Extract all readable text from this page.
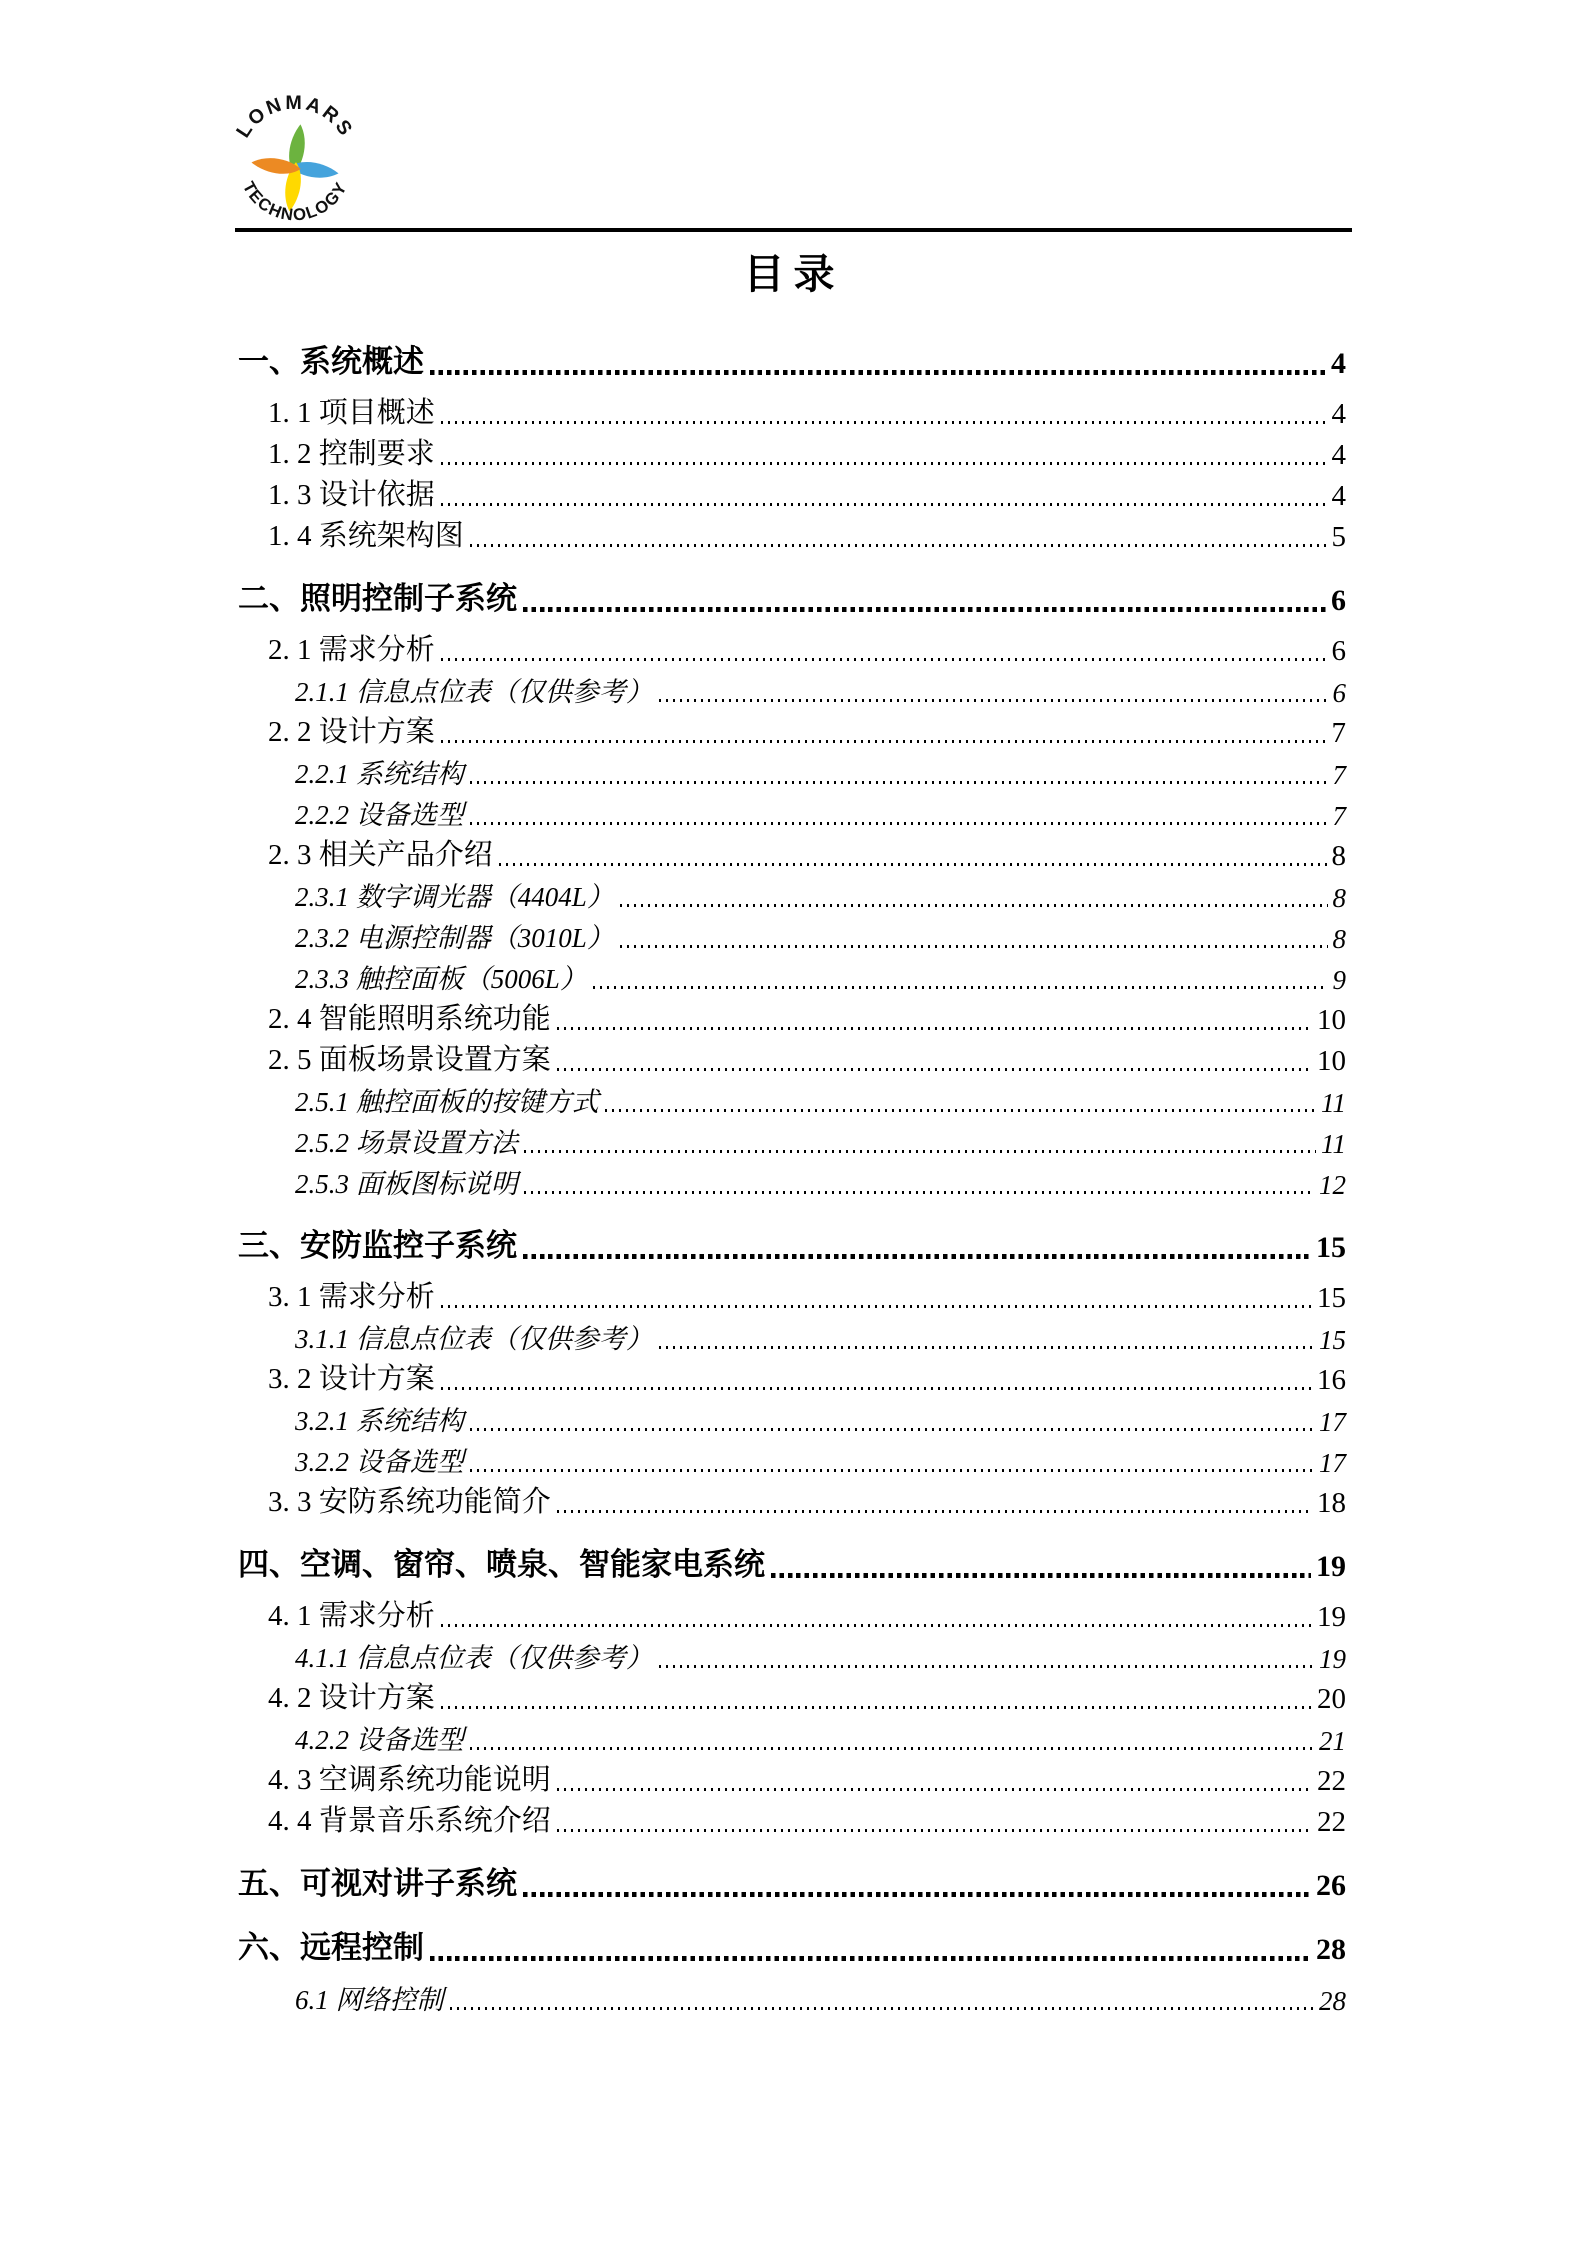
LONMARS
TECHNOLOGY
目录
一、系统概述	4
1. 1 项目概述	4
1. 2 控制要求	4
1. 3 设计依据	4
1. 4 系统架构图	5
二、照明控制子系统	6
2. 1 需求分析	6
2.1.1 信息点位表（仅供参考）	6
2. 2 设计方案	7
2.2.1 系统结构	7
2.2.2 设备选型	7
2. 3 相关产品介绍	8
2.3.1 数字调光器（4404L）	8
2.3.2 电源控制器（3010L）	8
2.3.3 触控面板（5006L）	9
2. 4 智能照明系统功能	10
2. 5 面板场景设置方案	10
2.5.1 触控面板的按键方式	11
2.5.2 场景设置方法	11
2.5.3 面板图标说明	12
三、安防监控子系统	15
3. 1 需求分析	15
3.1.1 信息点位表（仅供参考）	15
3. 2 设计方案	16
3.2.1 系统结构	17
3.2.2 设备选型	17
3. 3 安防系统功能简介	18
四、空调、窗帘、喷泉、智能家电系统	19
4. 1 需求分析	19
4.1.1 信息点位表（仅供参考）	19
4. 2 设计方案	20
4.2.2 设备选型	21
4. 3 空调系统功能说明	22
4. 4 背景音乐系统介绍	22
五、可视对讲子系统	26
六、远程控制	28
6.1 网络控制	28
